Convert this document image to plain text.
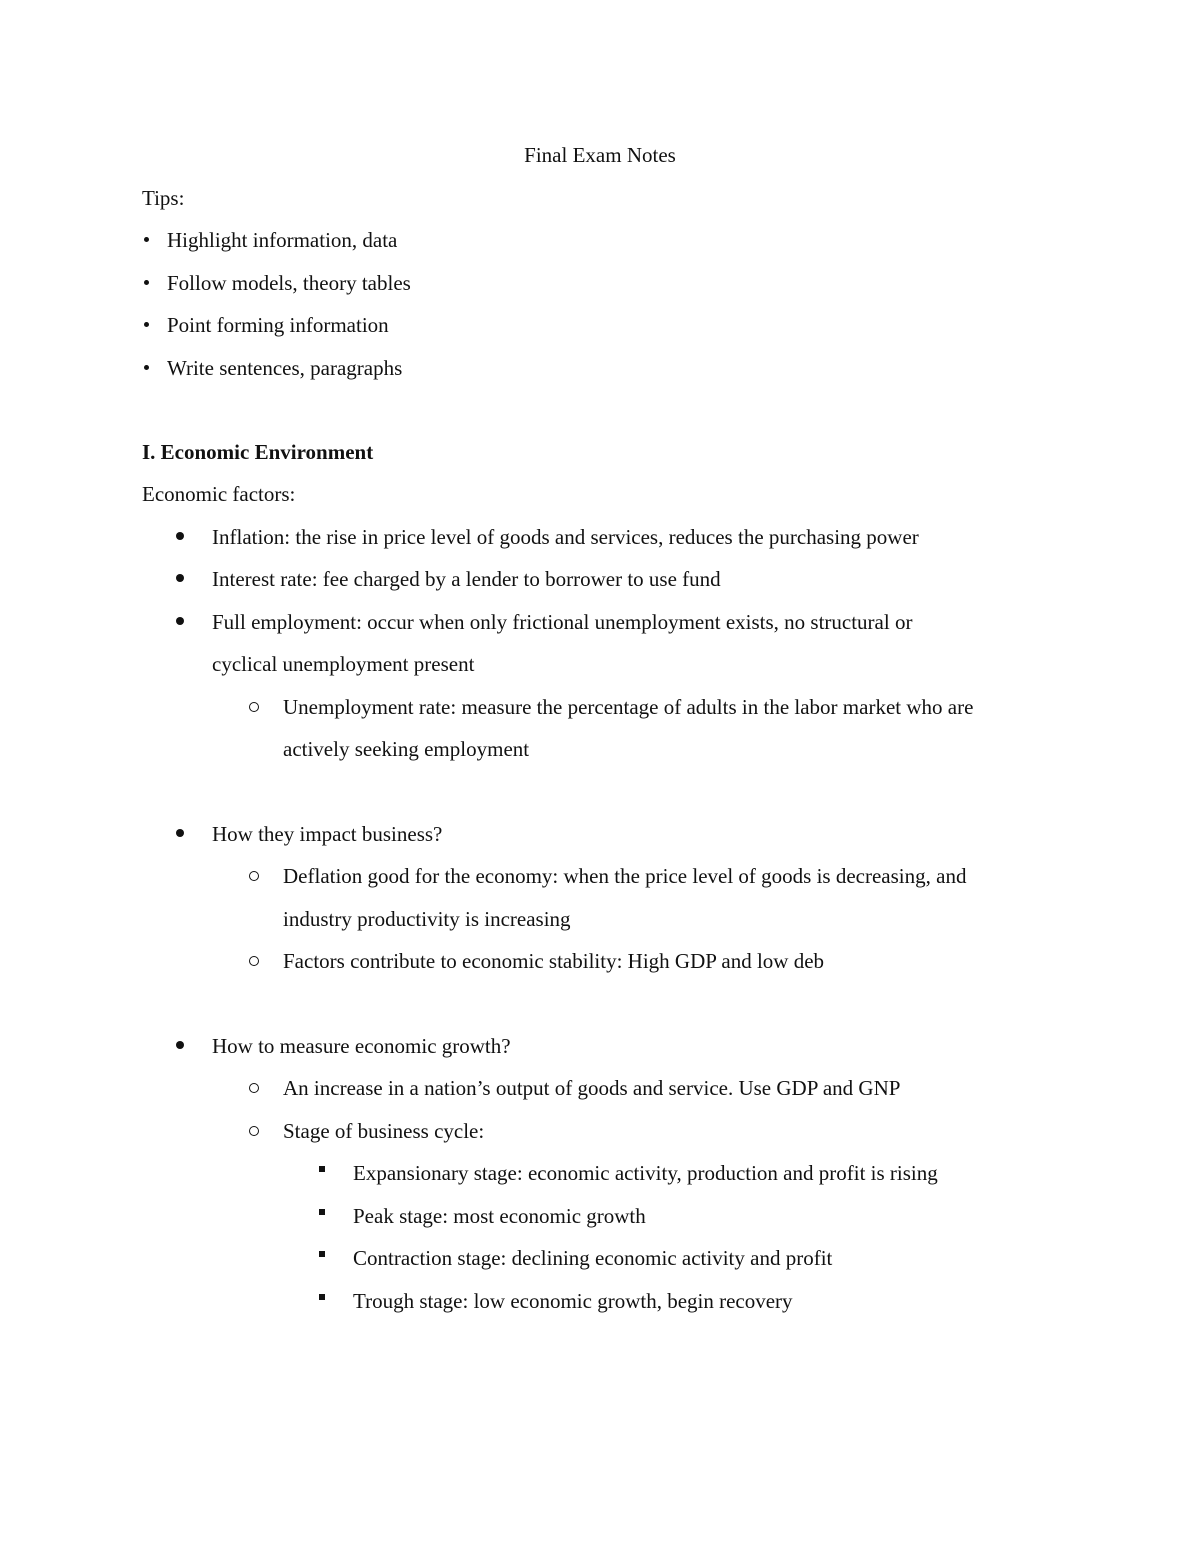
Final Exam Notes
Tips:
Highlight information, data
Follow models, theory tables
Point forming information
Write sentences, paragraphs
I. Economic Environment
Economic factors:
Inflation: the rise in price level of goods and services, reduces the purchasing power
Interest rate: fee charged by a lender to borrower to use fund
Full employment: occur when only frictional unemployment exists, no structural or
cyclical unemployment present
Unemployment rate: measure the percentage of adults in the labor market who are
actively seeking employment
How they impact business?
Deflation good for the economy: when the price level of goods is decreasing, and
industry productivity is increasing
Factors contribute to economic stability: High GDP and low deb
How to measure economic growth?
An increase in a nation’s output of goods and service. Use GDP and GNP
Stage of business cycle:
Expansionary stage: economic activity, production and profit is rising
Peak stage: most economic growth
Contraction stage: declining economic activity and profit
Trough stage: low economic growth, begin recovery
